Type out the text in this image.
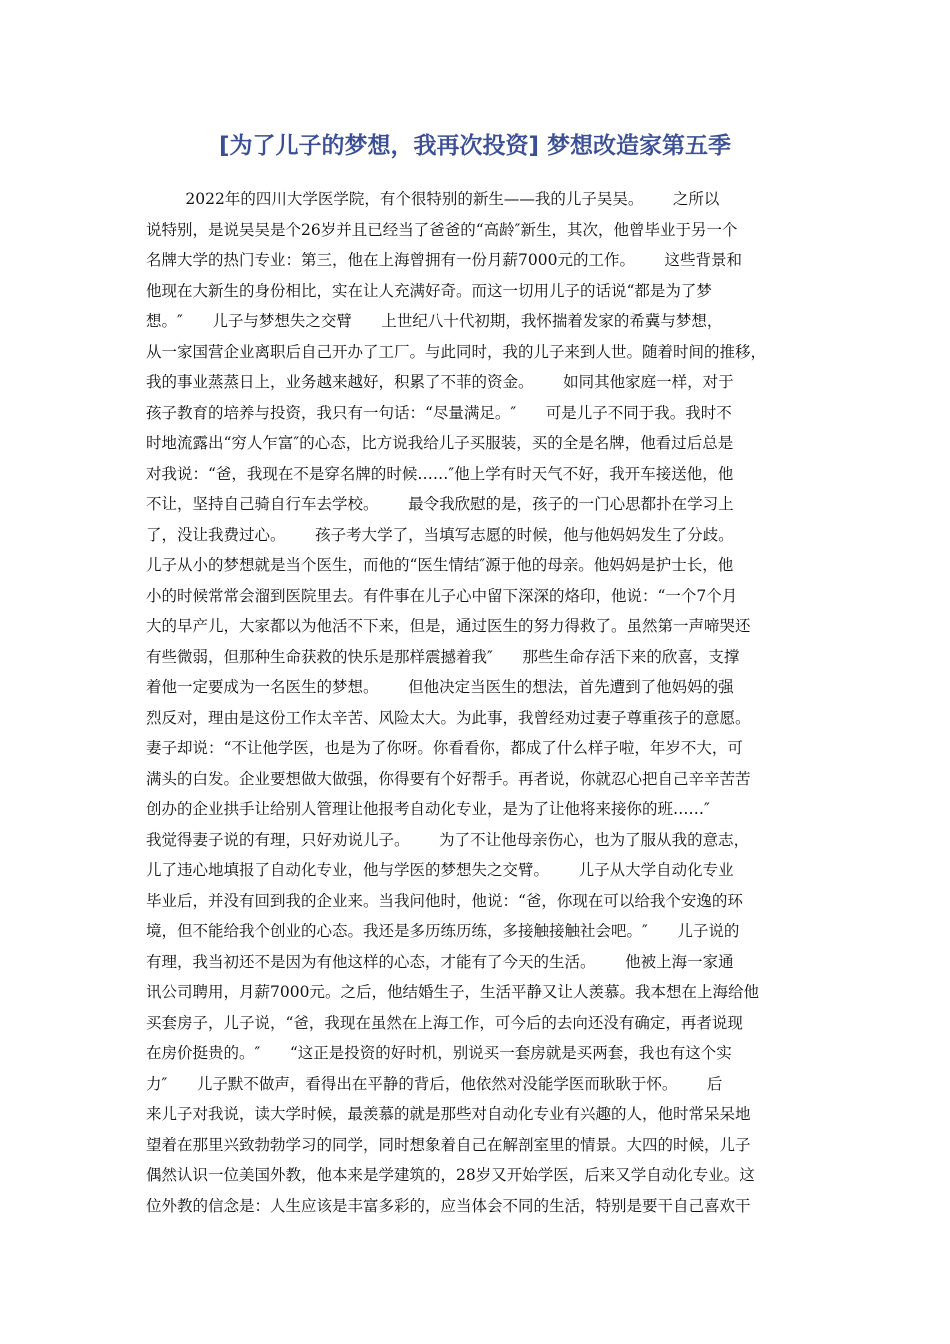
[为了儿子的梦想，我再次投资] 梦想改造家第五季
2022年的四川大学医学院，有个很特别的新生——我的儿子吴吴。      之所以
说特别，是说吴吴是个26岁并且已经当了爸爸的“高龄″新生，其次，他曾毕业于另一个
名牌大学的热门专业：第三，他在上海曾拥有一份月薪7000元的工作。      这些背景和
他现在大新生的身份相比，实在让人充满好奇。而这一切用儿子的话说“都是为了梦
想。″      儿子与梦想失之交臂      上世纪八十代初期，我怀揣着发家的希冀与梦想，
从一家国营企业离职后自己开办了工厂。与此同时，我的儿子来到人世。随着时间的推移，
我的事业蒸蒸日上，业务越来越好，积累了不菲的资金。      如同其他家庭一样，对于
孩子教育的培养与投资，我只有一句话：“尽量满足。″      可是儿子不同于我。我时不
时地流露出“穷人乍富″的心态，比方说我给儿子买服装，买的全是名牌，他看过后总是
对我说：“爸，我现在不是穿名牌的时候……″他上学有时天气不好，我开车接送他，他
不让，坚持自己骑自行车去学校。      最令我欣慰的是，孩子的一门心思都扑在学习上
了，没让我费过心。      孩子考大学了，当填写志愿的时候，他与他妈妈发生了分歧。
儿子从小的梦想就是当个医生，而他的“医生情结″源于他的母亲。他妈妈是护士长，他
小的时候常常会溜到医院里去。有件事在儿子心中留下深深的烙印，他说：“一个7个月
大的早产儿，大家都以为他活不下来，但是，通过医生的努力得救了。虽然第一声啼哭还
有些微弱，但那种生命获救的快乐是那样震撼着我″      那些生命存活下来的欣喜，支撑
着他一定要成为一名医生的梦想。      但他决定当医生的想法，首先遭到了他妈妈的强
烈反对，理由是这份工作太辛苦、风险太大。为此事，我曾经劝过妻子尊重孩子的意愿。
妻子却说：“不让他学医，也是为了你呀。你看看你，都成了什么样子啦，年岁不大，可
满头的白发。企业要想做大做强，你得要有个好帮手。再者说，你就忍心把自己辛辛苦苦
创办的企业拱手让给别人管理让他报考自动化专业，是为了让他将来接你的班……″
我觉得妻子说的有理，只好劝说儿子。      为了不让他母亲伤心，也为了服从我的意志，
儿了违心地填报了自动化专业，他与学医的梦想失之交臂。      儿子从大学自动化专业
毕业后，并没有回到我的企业来。当我问他时，他说：“爸，你现在可以给我个安逸的环
境，但不能给我个创业的心态。我还是多历练历练，多接触接触社会吧。″      儿子说的
有理，我当初还不是因为有他这样的心态，才能有了今天的生活。      他被上海一家通
讯公司聘用，月薪7000元。之后，他结婚生子，生活平静又让人羡慕。我本想在上海给他
买套房子，儿子说，“爸，我现在虽然在上海工作，可今后的去向还没有确定，再者说现
在房价挺贵的。″      “这正是投资的好时机，别说买一套房就是买两套，我也有这个实
力″      儿子默不做声，看得出在平静的背后，他依然对没能学医而耿耿于怀。      后
来儿子对我说，读大学时候，最羡慕的就是那些对自动化专业有兴趣的人，他时常呆呆地
望着在那里兴致勃勃学习的同学，同时想象着自己在解剖室里的情景。大四的时候，儿子
偶然认识一位美国外教，他本来是学建筑的，28岁又开始学医，后来又学自动化专业。这
位外教的信念是：人生应该是丰富多彩的，应当体会不同的生活，特别是要干自己喜欢干
